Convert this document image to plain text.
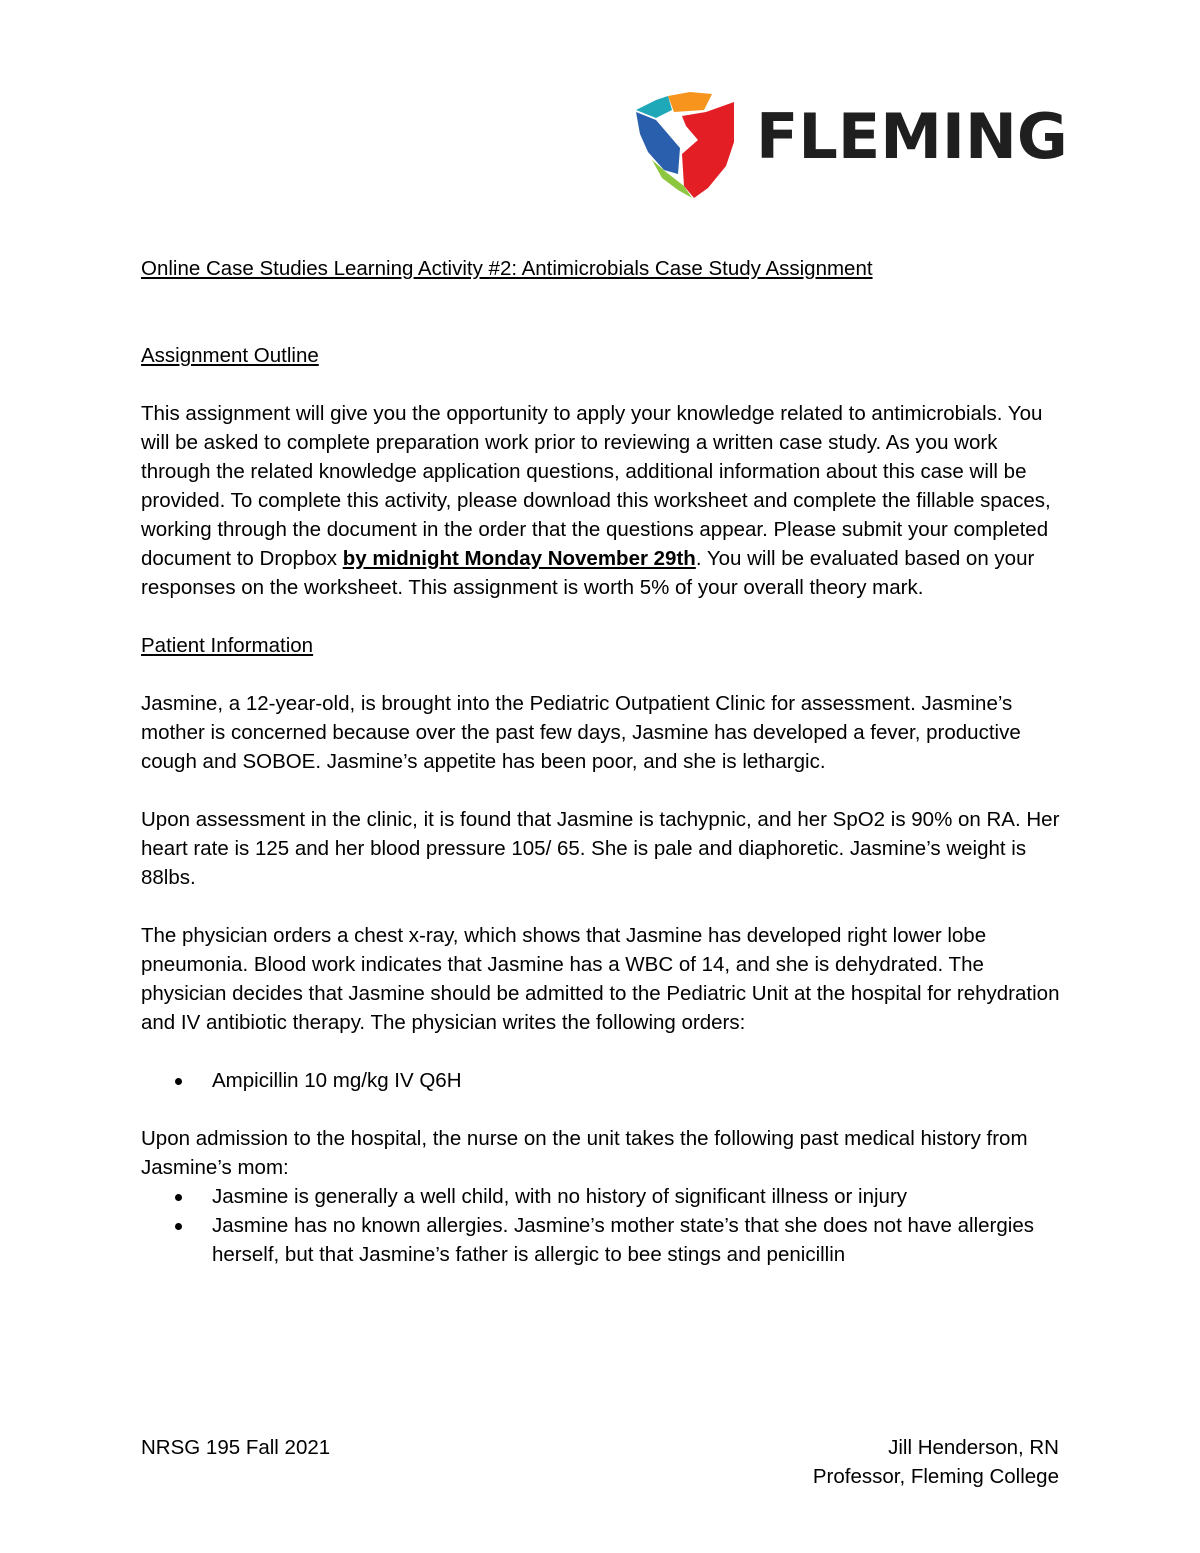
FLEMING

Online Case Studies Learning Activity #2: Antimicrobials Case Study Assignment

Assignment Outline

This assignment will give you the opportunity to apply your knowledge related to antimicrobials. You will be asked to complete preparation work prior to reviewing a written case study. As you work through the related knowledge application questions, additional information about this case will be provided. To complete this activity, please download this worksheet and complete the fillable spaces, working through the document in the order that the questions appear. Please submit your completed document to Dropbox by midnight Monday November 29th. You will be evaluated based on your responses on the worksheet. This assignment is worth 5% of your overall theory mark.

Patient Information

Jasmine, a 12-year-old, is brought into the Pediatric Outpatient Clinic for assessment. Jasmine’s mother is concerned because over the past few days, Jasmine has developed a fever, productive cough and SOBOE. Jasmine’s appetite has been poor, and she is lethargic.

Upon assessment in the clinic, it is found that Jasmine is tachypnic, and her SpO2 is 90% on RA. Her heart rate is 125 and her blood pressure 105/ 65. She is pale and diaphoretic. Jasmine’s weight is 88lbs.

The physician orders a chest x-ray, which shows that Jasmine has developed right lower lobe pneumonia. Blood work indicates that Jasmine has a WBC of 14, and she is dehydrated. The physician decides that Jasmine should be admitted to the Pediatric Unit at the hospital for rehydration and IV antibiotic therapy. The physician writes the following orders:

Ampicillin 10 mg/kg IV Q6H

Upon admission to the hospital, the nurse on the unit takes the following past medical history from Jasmine’s mom:

Jasmine is generally a well child, with no history of significant illness or injury
Jasmine has no known allergies. Jasmine’s mother state’s that she does not have allergies herself, but that Jasmine’s father is allergic to bee stings and penicillin
NRSG 195 Fall 2021	Jill Henderson, RN
Professor, Fleming College
